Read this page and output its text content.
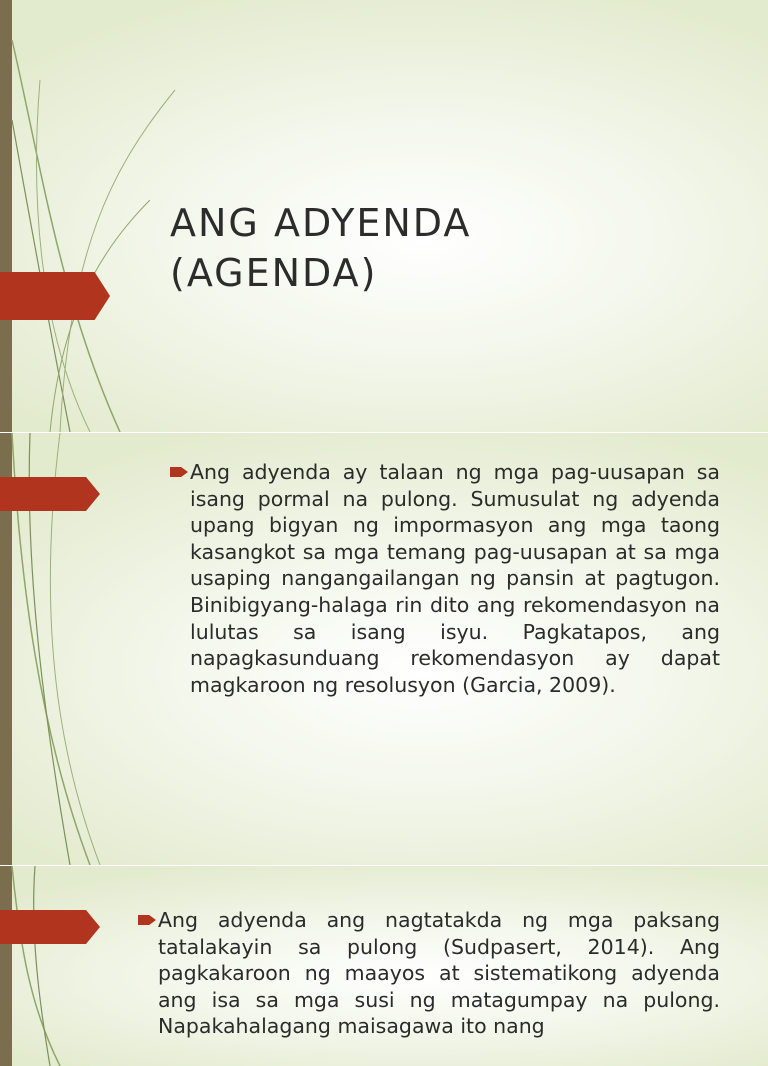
ANG ADYENDA
(AGENDA)

Ang adyenda ay talaan ng mga pag-uusapan sa isang pormal na pulong. Sumusulat ng adyenda upang bigyan ng impormasyon ang mga taong kasangkot sa mga temang pag-uusapan at sa mga usaping nangangailangan ng pansin at pagtugon. Binibigyang-halaga rin dito ang rekomendasyon na lulutas sa isang isyu. Pagkatapos, ang napagkasunduang rekomendasyon ay dapat magkaroon ng resolusyon (Garcia, 2009).

Ang adyenda ang nagtatakda ng mga paksang tatalakayin sa pulong (Sudpasert, 2014). Ang pagkakaroon ng maayos at sistematikong adyenda ang isa sa mga susi ng matagumpay na pulong. Napakahalagang maisagawa ito nang
